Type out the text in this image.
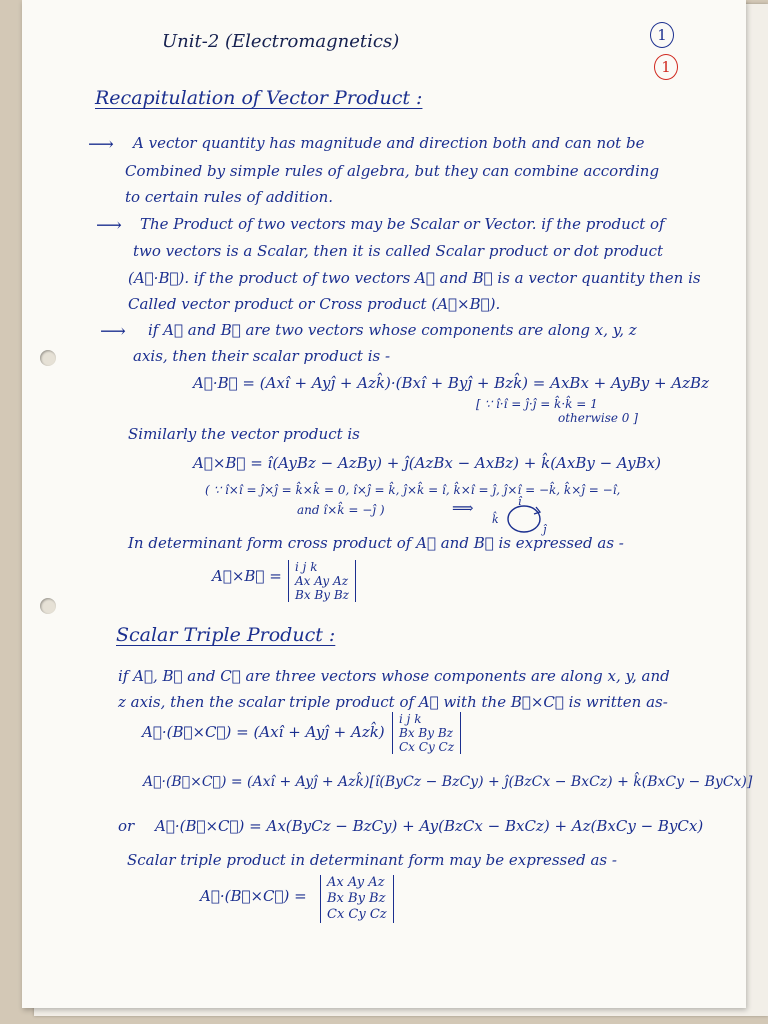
1
1
Unit-2 (Electromagnetics)
Recapitulation of Vector Product :
⟶ A vector quantity has magnitude and direction both and can not be
Combined by simple rules of algebra, but they can combine according
to certain rules of addition.
⟶ The Product of two vectors may be Scalar or Vector. if the product of
two vectors is a Scalar, then it is called Scalar product or dot product
(A⃗·B⃗). if the product of two vectors A⃗ and B⃗ is a vector quantity then is
Called vector product or Cross product (A⃗×B⃗).
⟶ if A⃗ and B⃗ are two vectors whose components are along x, y, z
axis, then their scalar product is -
A⃗·B⃗ = (Axî + Ayĵ + Azk̂)·(Bxî + Byĵ + Bzk̂) = AxBx + AyBy + AzBz
[ ∵ î·î = ĵ·ĵ = k̂·k̂ = 1
otherwise 0 ]
Similarly the vector product is
A⃗×B⃗ = î(AyBz − AzBy) + ĵ(AzBx − AxBz) + k̂(AxBy − AyBx)
( ∵ î×î = ĵ×ĵ = k̂×k̂ = 0, î×ĵ = k̂, ĵ×k̂ = î, k̂×î = ĵ, ĵ×î = −k̂, k̂×ĵ = −î,
and î×k̂ = −ĵ )	⟹
k̂
î
ĵ
In determinant form cross product of A⃗ and B⃗ is expressed as -
A⃗×B⃗ = i j k
Ax Ay Az
Bx By Bz
Scalar Triple Product :
if A⃗, B⃗ and C⃗ are three vectors whose components are along x, y, and
z axis, then the scalar triple product of A⃗ with the B⃗×C⃗ is written as-
A⃗·(B⃗×C⃗) = (Axî + Ayĵ + Azk̂)
i j k
Bx By Bz
Cx Cy Cz
A⃗·(B⃗×C⃗) = (Axî + Ayĵ + Azk̂)[î(ByCz − BzCy) + ĵ(BzCx − BxCz) + k̂(BxCy − ByCx)]
or A⃗·(B⃗×C⃗) = Ax(ByCz − BzCy) + Ay(BzCx − BxCz) + Az(BxCy − ByCx)
Scalar triple product in determinant form may be expressed as -
A⃗·(B⃗×C⃗) =
Ax Ay Az
Bx By Bz
Cx Cy Cz
